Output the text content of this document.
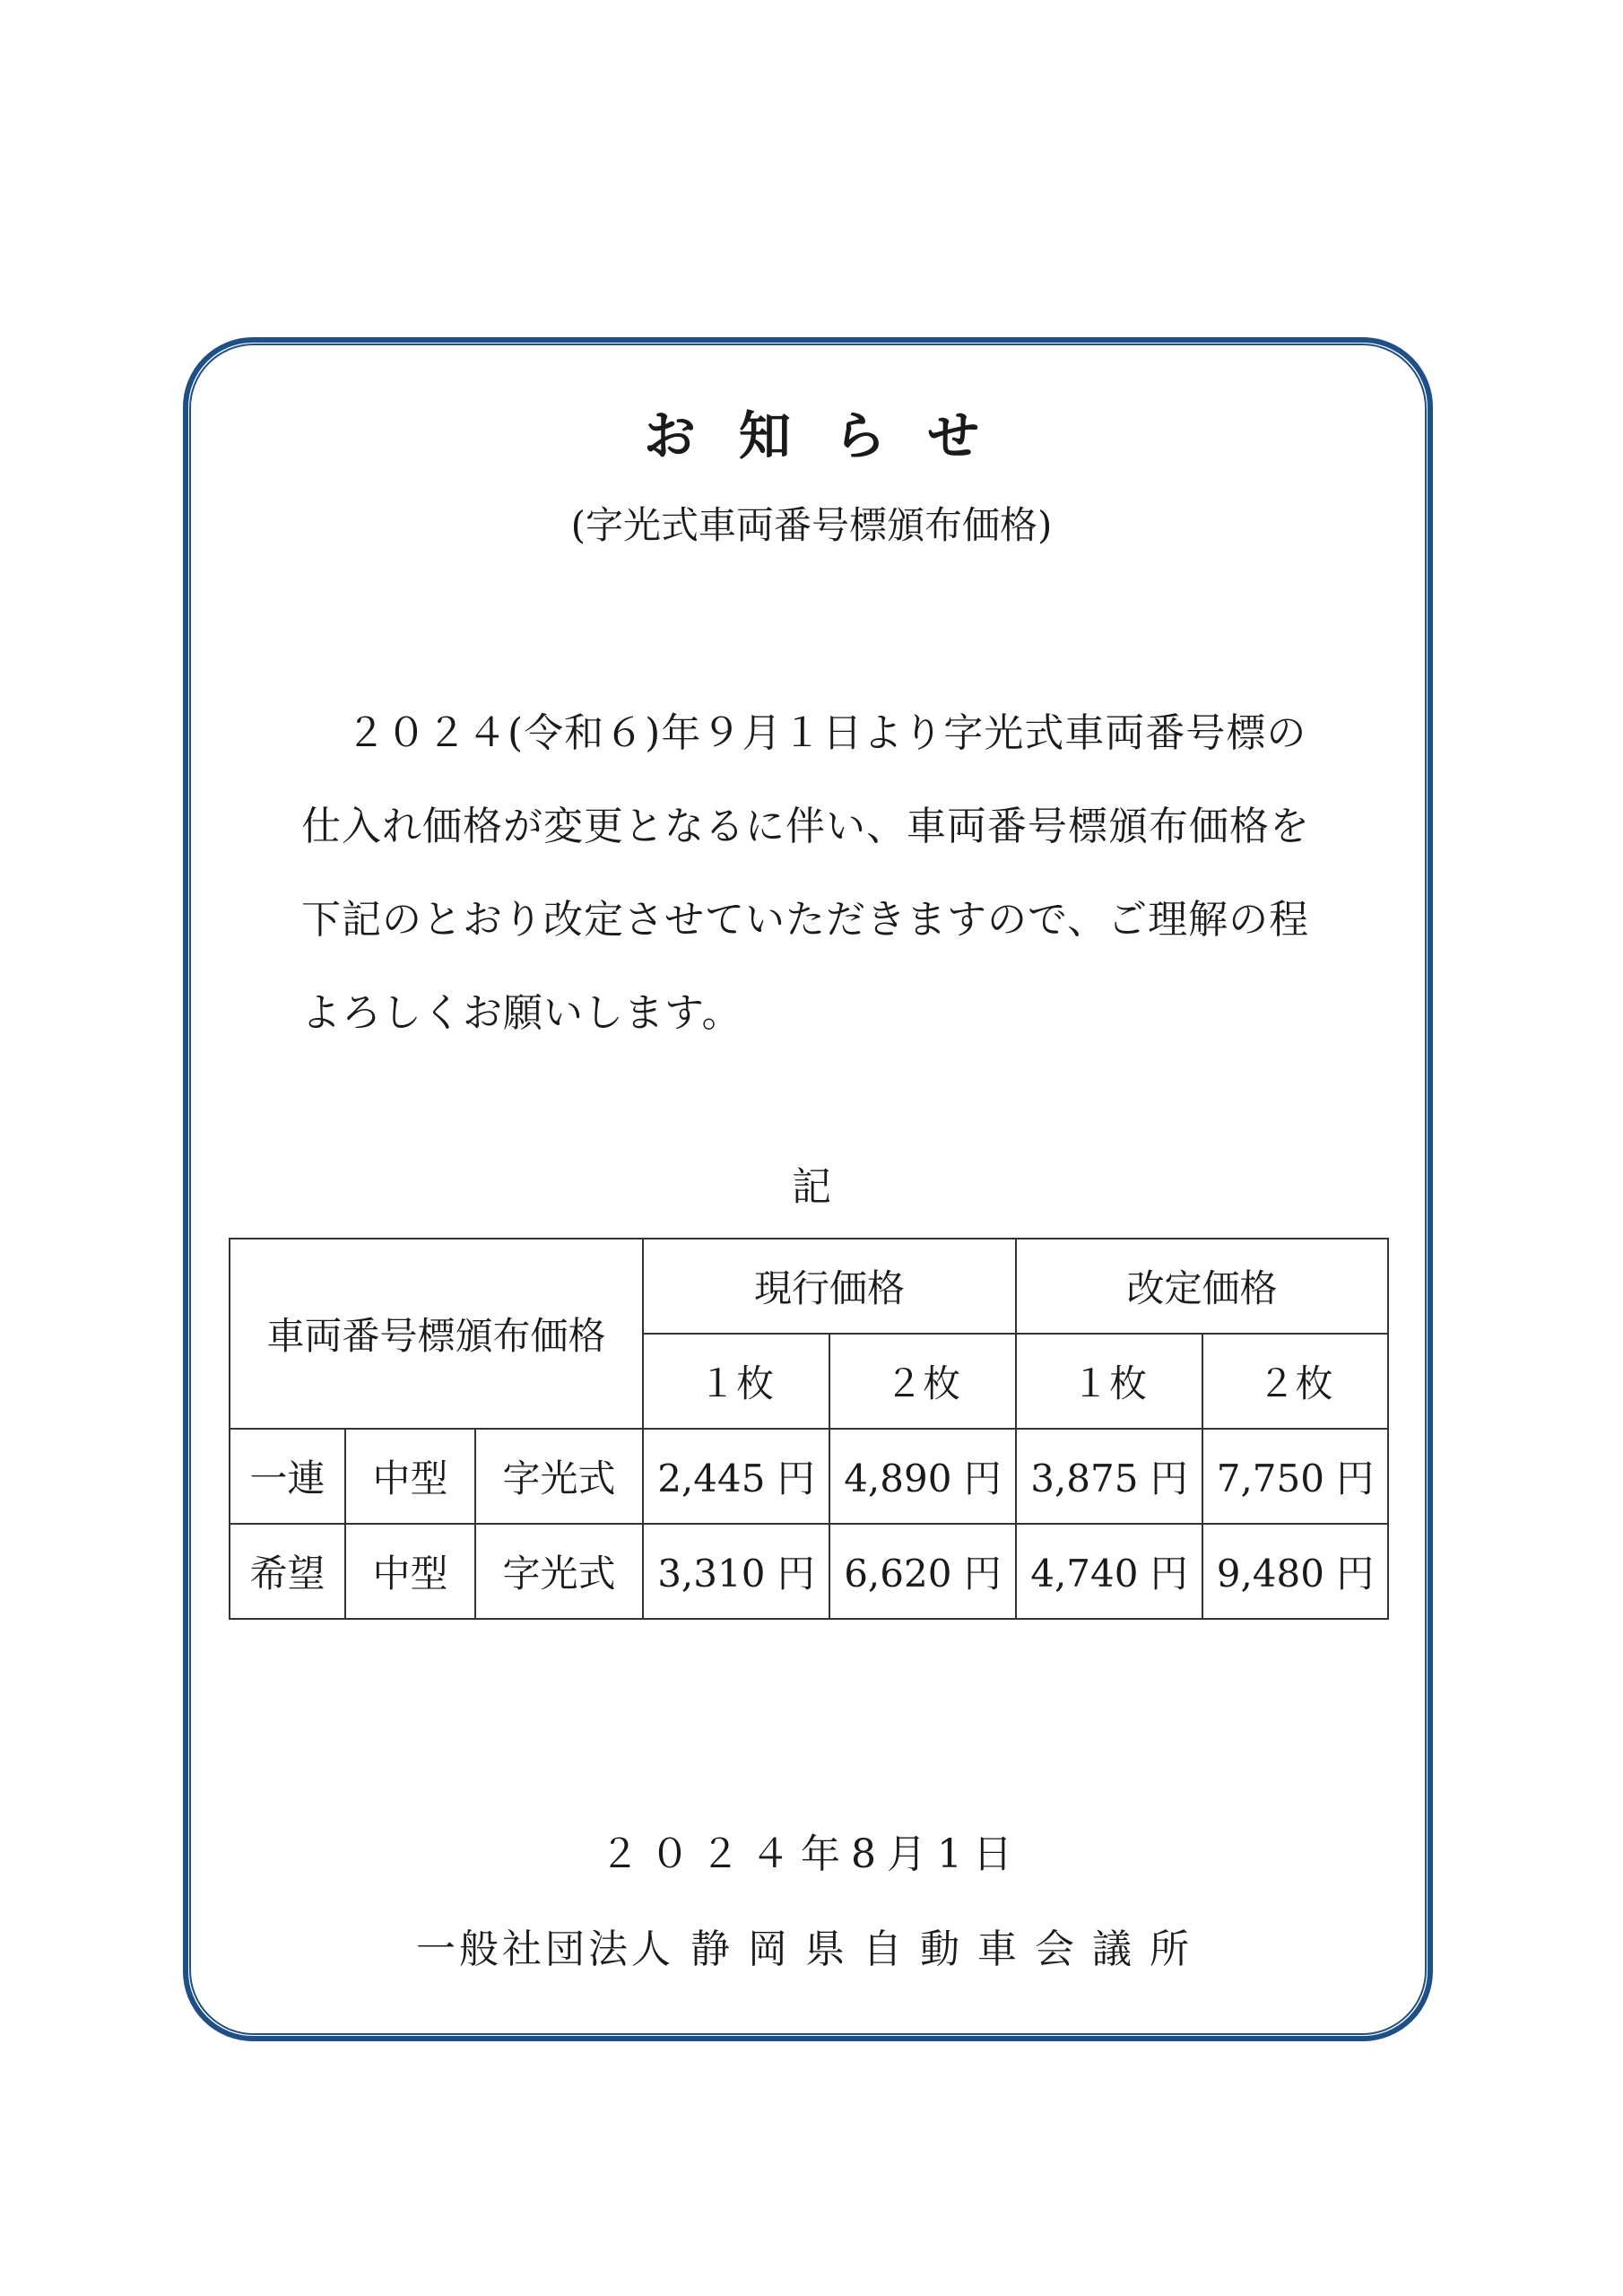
お知らせ
(字光式車両番号標頒布価格)
２０２４(令和６)年９月１日より字光式車両番号標の
仕入れ価格が変更となるに伴い、車両番号標頒布価格を
下記のとおり改定させていただきますので、ご理解の程
よろしくお願いします。
記
車両番号標頒布価格			現行価格		改定価格	
			１枚	２枚	１枚	２枚
一連	中型	字光式	2,445 円	4,890 円	3,875 円	7,750 円
希望	中型	字光式	3,310 円	6,620 円	4,740 円	9,480 円
２０２４年8月1日
一般社団法人 静岡県自動車会議所
